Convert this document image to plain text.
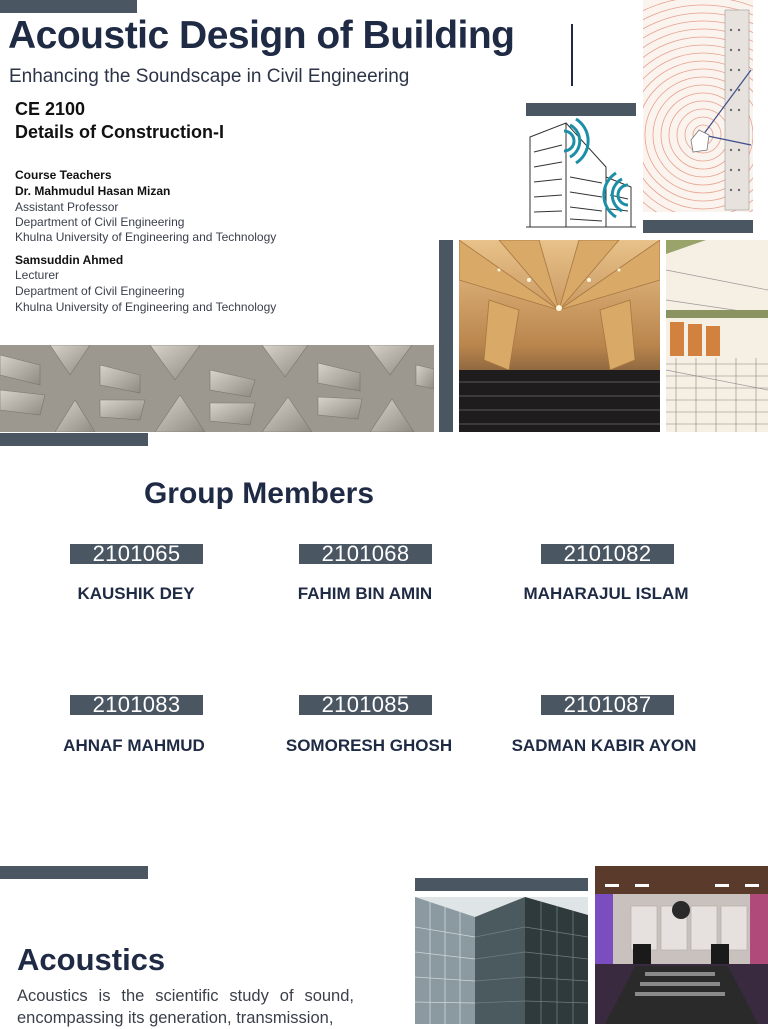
Acoustic Design of Building
Enhancing the Soundscape in Civil Engineering
CE 2100
Details of Construction-I
Course Teachers
Dr. Mahmudul Hasan Mizan
Assistant Professor
Department of Civil Engineering
Khulna University of Engineering and Technology
Samsuddin Ahmed
Lecturer
Department of Civil Engineering
Khulna University of Engineering and Technology
Group Members
2101065
KAUSHIK DEY
2101068
FAHIM BIN AMIN
2101082
MAHARAJUL ISLAM
2101083
AHNAF MAHMUD
2101085
SOMORESH GHOSH
2101087
SADMAN KABIR AYON
Acoustics
Acoustics is the scientific study of sound, encompassing its generation, transmission,
